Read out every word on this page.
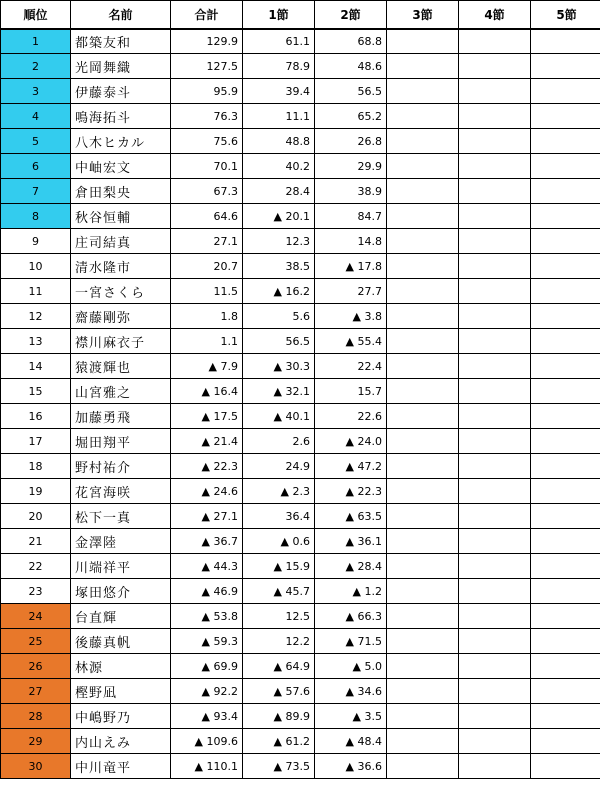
順位	名前	合計	1節	2節	3節	4節	5節
1	都築友和	129.9	61.1	68.8			
2	光岡舞織	127.5	78.9	48.6			
3	伊藤泰斗	95.9	39.4	56.5			
4	鳴海拓斗	76.3	11.1	65.2			
5	八木ヒカル	75.6	48.8	26.8			
6	中岫宏文	70.1	40.2	29.9			
7	倉田梨央	67.3	28.4	38.9			
8	秋谷恒輔	64.6	▲ 20.1	84.7			
9	庄司結真	27.1	12.3	14.8			
10	清水隆市	20.7	38.5	▲ 17.8			
11	一宮さくら	11.5	▲ 16.2	27.7			
12	齋藤剛弥	1.8	5.6	▲ 3.8			
13	襟川麻衣子	1.1	56.5	▲ 55.4			
14	猿渡輝也	▲ 7.9	▲ 30.3	22.4			
15	山宮雅之	▲ 16.4	▲ 32.1	15.7			
16	加藤勇飛	▲ 17.5	▲ 40.1	22.6			
17	堀田翔平	▲ 21.4	2.6	▲ 24.0			
18	野村祐介	▲ 22.3	24.9	▲ 47.2			
19	花宮海咲	▲ 24.6	▲ 2.3	▲ 22.3			
20	松下一真	▲ 27.1	36.4	▲ 63.5			
21	金澤陸	▲ 36.7	▲ 0.6	▲ 36.1			
22	川端祥平	▲ 44.3	▲ 15.9	▲ 28.4			
23	塚田悠介	▲ 46.9	▲ 45.7	▲ 1.2			
24	台直輝	▲ 53.8	12.5	▲ 66.3			
25	後藤真帆	▲ 59.3	12.2	▲ 71.5			
26	林源	▲ 69.9	▲ 64.9	▲ 5.0			
27	樫野凪	▲ 92.2	▲ 57.6	▲ 34.6			
28	中嶋野乃	▲ 93.4	▲ 89.9	▲ 3.5			
29	内山えみ	▲ 109.6	▲ 61.2	▲ 48.4			
30	中川竜平	▲ 110.1	▲ 73.5	▲ 36.6			
